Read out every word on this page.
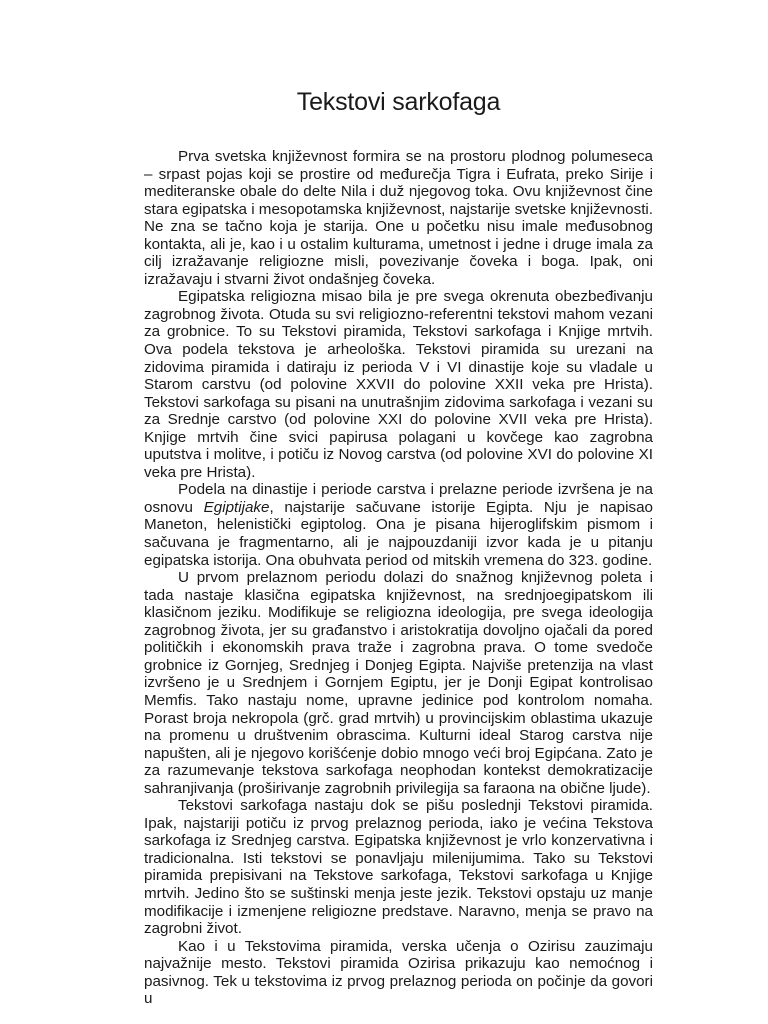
Tekstovi sarkofaga

Prva svetska književnost formira se na prostoru plodnog polumeseca – srpast pojas koji se prostire od međurečja Tigra i Eufrata, preko Sirije i mediteranske obale do delte Nila i duž njegovog toka. Ovu književnost čine stara egipatska i mesopotamska književnost, najstarije svetske književnosti. Ne zna se tačno koja je starija. One u početku nisu imale međusobnog kontakta, ali je, kao i u ostalim kulturama, umetnost i jedne i druge imala za cilj izražavanje religiozne misli, povezivanje čoveka i boga. Ipak, oni izražavaju i stvarni život ondašnjeg čoveka.

Egipatska religiozna misao bila je pre svega okrenuta obezbeđivanju zagrobnog života. Otuda su svi religiozno-referentni tekstovi mahom vezani za grobnice. To su Tekstovi piramida, Tekstovi sarkofaga i Knjige mrtvih. Ova podela tekstova je arheološka. Tekstovi piramida su urezani na zidovima piramida i datiraju iz perioda V i VI dinastije koje su vladale u Starom carstvu (od polovine XXVII do polovine XXII veka pre Hrista). Tekstovi sarkofaga su pisani na unutrašnjim zidovima sarkofaga i vezani su za Srednje carstvo (od polovine XXI do polovine XVII veka pre Hrista). Knjige mrtvih čine svici papirusa polagani u kovčege kao zagrobna uputstva i molitve, i potiču iz Novog carstva (od polovine XVI do polovine XI veka pre Hrista).

Podela na dinastije i periode carstva i prelazne periode izvršena je na osnovu Egiptijake, najstarije sačuvane istorije Egipta. Nju je napisao Maneton, helenistički egiptolog. Ona je pisana hijeroglifskim pismom i sačuvana je fragmentarno, ali je najpouzdaniji izvor kada je u pitanju egipatska istorija. Ona obuhvata period od mitskih vremena do 323. godine.

U prvom prelaznom periodu dolazi do snažnog književnog poleta i tada nastaje klasična egipatska književnost, na srednjoegipatskom ili klasičnom jeziku. Modifikuje se religiozna ideologija, pre svega ideologija zagrobnog života, jer su građanstvo i aristokratija dovoljno ojačali da pored političkih i ekonomskih prava traže i zagrobna prava. O tome svedoče grobnice iz Gornjeg, Srednjeg i Donjeg Egipta. Najviše pretenzija na vlast izvršeno je u Srednjem i Gornjem Egiptu, jer je Donji Egipat kontrolisao Memfis. Tako nastaju nome, upravne jedinice pod kontrolom nomaha. Porast broja nekropola (grč. grad mrtvih) u provincijskim oblastima ukazuje na promenu u društvenim obrascima. Kulturni ideal Starog carstva nije napušten, ali je njegovo korišćenje dobio mnogo veći broj Egipćana. Zato je za razumevanje tekstova sarkofaga neophodan kontekst demokratizacije sahranjivanja (proširivanje zagrobnih privilegija sa faraona na obične ljude).

Tekstovi sarkofaga nastaju dok se pišu poslednji Tekstovi piramida. Ipak, najstariji potiču iz prvog prelaznog perioda, iako je većina Tekstova sarkofaga iz Srednjeg carstva. Egipatska književnost je vrlo konzervativna i tradicionalna. Isti tekstovi se ponavljaju milenijumima. Tako su Tekstovi piramida prepisivani na Tekstove sarkofaga, Tekstovi sarkofaga u Knjige mrtvih. Jedino što se suštinski menja jeste jezik. Tekstovi opstaju uz manje modifikacije i izmenjene religiozne predstave. Naravno, menja se pravo na zagrobni život.

Kao i u Tekstovima piramida, verska učenja o Ozirisu zauzimaju najvažnije mesto. Tekstovi piramida Ozirisa prikazuju kao nemoćnog i pasivnog. Tek u tekstovima iz prvog prelaznog perioda on počinje da govori u
